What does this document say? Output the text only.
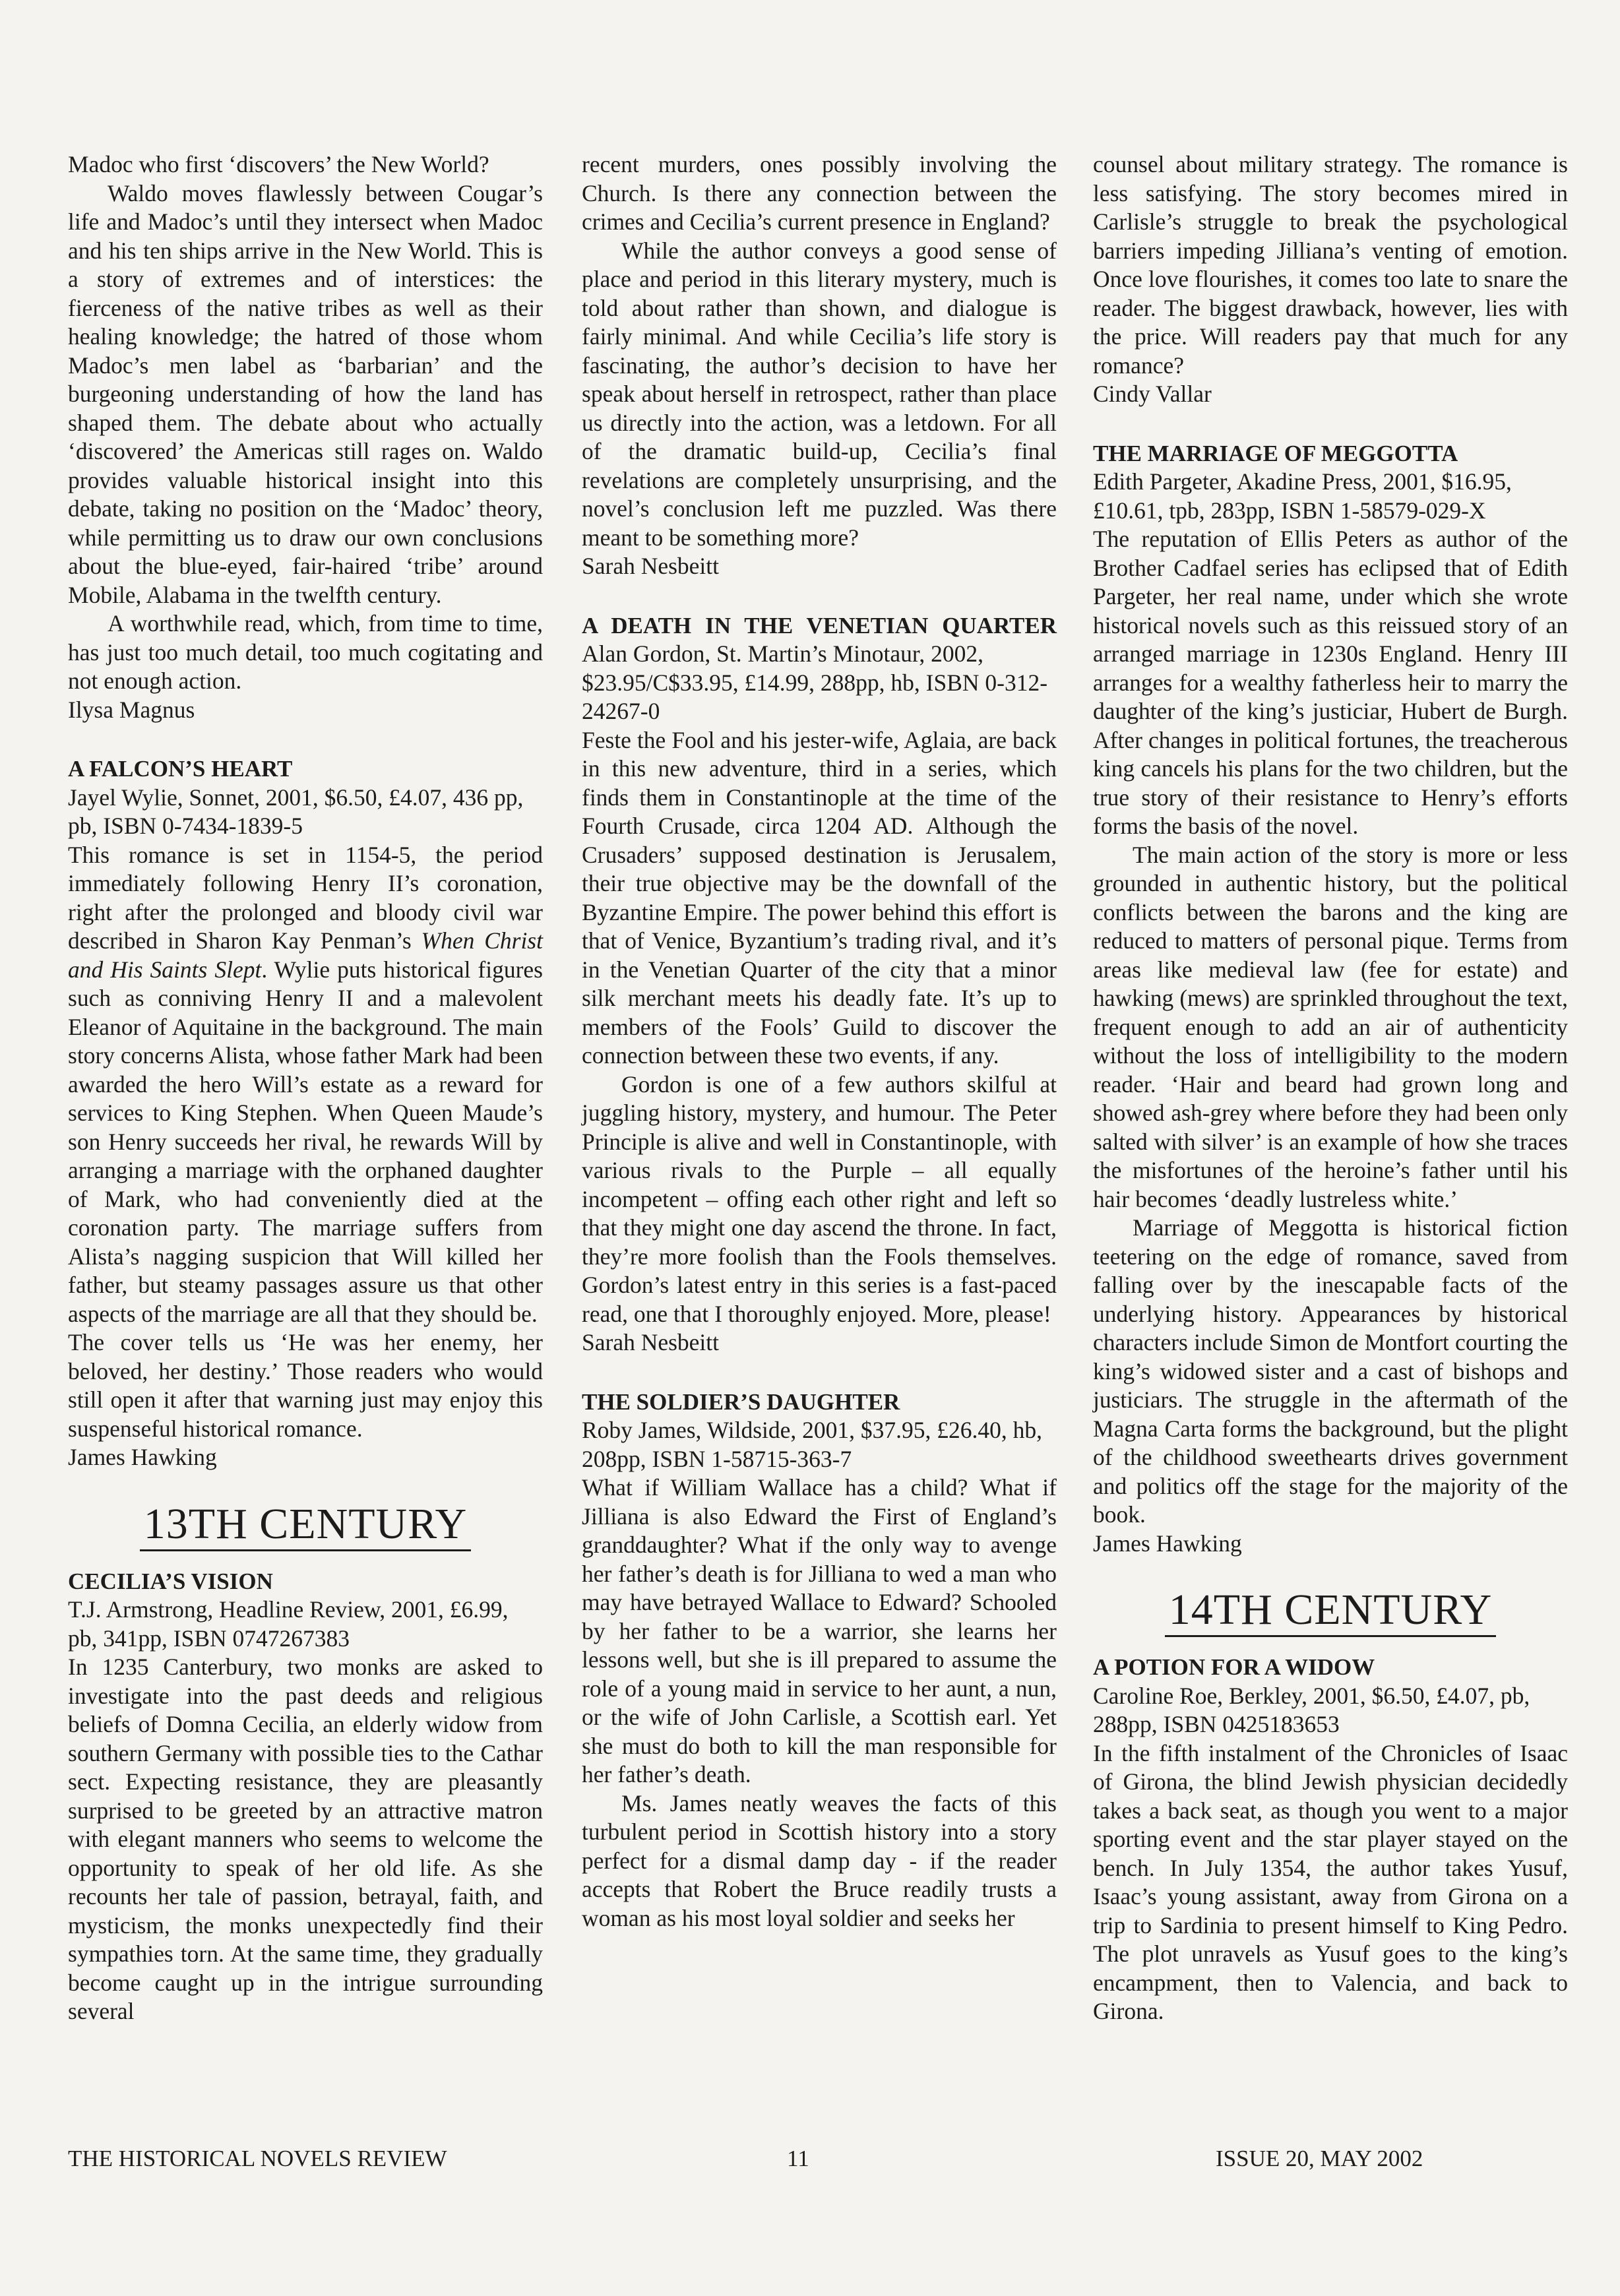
Madoc who first ‘discovers’ the New World?

Waldo moves flawlessly between Cougar’s life and Madoc’s until they intersect when Madoc and his ten ships arrive in the New World. This is a story of extremes and of interstices: the fierceness of the native tribes as well as their healing knowledge; the hatred of those whom Madoc’s men label as ‘barbarian’ and the burgeoning understanding of how the land has shaped them. The debate about who actually ‘discovered’ the Americas still rages on. Waldo provides valuable historical insight into this debate, taking no position on the ‘Madoc’ theory, while permitting us to draw our own conclusions about the blue-eyed, fair-haired ‘tribe’ around Mobile, Alabama in the twelfth century.

A worthwhile read, which, from time to time, has just too much detail, too much cogitating and not enough action.

Ilysa Magnus

A FALCON’S HEART

Jayel Wylie, Sonnet, 2001, $6.50, £4.07, 436 pp, pb, ISBN 0-7434-1839-5

This romance is set in 1154-5, the period immediately following Henry II’s coronation, right after the prolonged and bloody civil war described in Sharon Kay Penman’s When Christ and His Saints Slept. Wylie puts historical figures such as conniving Henry II and a malevolent Eleanor of Aquitaine in the background. The main story concerns Alista, whose father Mark had been awarded the hero Will’s estate as a reward for services to King Stephen. When Queen Maude’s son Henry succeeds her rival, he rewards Will by arranging a marriage with the orphaned daughter of Mark, who had conveniently died at the coronation party. The marriage suffers from Alista’s nagging suspicion that Will killed her father, but steamy passages assure us that other aspects of the marriage are all that they should be.

The cover tells us ‘He was her enemy, her beloved, her destiny.’ Those readers who would still open it after that warning just may enjoy this suspenseful historical romance.

James Hawking

13TH CENTURY
CECILIA’S VISION

T.J. Armstrong, Headline Review, 2001, £6.99, pb, 341pp, ISBN 0747267383

In 1235 Canterbury, two monks are asked to investigate into the past deeds and religious beliefs of Domna Cecilia, an elderly widow from southern Germany with possible ties to the Cathar sect. Expecting resistance, they are pleasantly surprised to be greeted by an attractive matron with elegant manners who seems to welcome the opportunity to speak of her old life. As she recounts her tale of passion, betrayal, faith, and mysticism, the monks unexpectedly find their sympathies torn. At the same time, they gradually become caught up in the intrigue surrounding several

recent murders, ones possibly involving the Church. Is there any connection between the crimes and Cecilia’s current presence in England?

While the author conveys a good sense of place and period in this literary mystery, much is told about rather than shown, and dialogue is fairly minimal. And while Cecilia’s life story is fascinating, the author’s decision to have her speak about herself in retrospect, rather than place us directly into the action, was a letdown. For all of the dramatic build-up, Cecilia’s final revelations are completely unsurprising, and the novel’s conclusion left me puzzled. Was there meant to be something more?

Sarah Nesbeitt

A DEATH IN THE VENETIAN QUARTER

Alan Gordon, St. Martin’s Minotaur, 2002, $23.95/C$33.95, £14.99, 288pp, hb, ISBN 0-312-24267-0

Feste the Fool and his jester-wife, Aglaia, are back in this new adventure, third in a series, which finds them in Constantinople at the time of the Fourth Crusade, circa 1204 AD. Although the Crusaders’ supposed destination is Jerusalem, their true objective may be the downfall of the Byzantine Empire. The power behind this effort is that of Venice, Byzantium’s trading rival, and it’s in the Venetian Quarter of the city that a minor silk merchant meets his deadly fate. It’s up to members of the Fools’ Guild to discover the connection between these two events, if any.

Gordon is one of a few authors skilful at juggling history, mystery, and humour. The Peter Principle is alive and well in Constantinople, with various rivals to the Purple – all equally incompetent – offing each other right and left so that they might one day ascend the throne. In fact, they’re more foolish than the Fools themselves. Gordon’s latest entry in this series is a fast-paced read, one that I thoroughly enjoyed. More, please!

Sarah Nesbeitt

THE SOLDIER’S DAUGHTER

Roby James, Wildside, 2001, $37.95, £26.40, hb, 208pp, ISBN 1-58715-363-7

What if William Wallace has a child? What if Jilliana is also Edward the First of England’s granddaughter? What if the only way to avenge her father’s death is for Jilliana to wed a man who may have betrayed Wallace to Edward? Schooled by her father to be a warrior, she learns her lessons well, but she is ill prepared to assume the role of a young maid in service to her aunt, a nun, or the wife of John Carlisle, a Scottish earl. Yet she must do both to kill the man responsible for her father’s death.

Ms. James neatly weaves the facts of this turbulent period in Scottish history into a story perfect for a dismal damp day - if the reader accepts that Robert the Bruce readily trusts a woman as his most loyal soldier and seeks her

counsel about military strategy. The romance is less satisfying. The story becomes mired in Carlisle’s struggle to break the psychological barriers impeding Jilliana’s venting of emotion. Once love flourishes, it comes too late to snare the reader. The biggest drawback, however, lies with the price. Will readers pay that much for any romance?

Cindy Vallar

THE MARRIAGE OF MEGGOTTA

Edith Pargeter, Akadine Press, 2001, $16.95, £10.61, tpb, 283pp, ISBN 1-58579-029-X

The reputation of Ellis Peters as author of the Brother Cadfael series has eclipsed that of Edith Pargeter, her real name, under which she wrote historical novels such as this reissued story of an arranged marriage in 1230s England. Henry III arranges for a wealthy fatherless heir to marry the daughter of the king’s justiciar, Hubert de Burgh. After changes in political fortunes, the treacherous king cancels his plans for the two children, but the true story of their resistance to Henry’s efforts forms the basis of the novel.

The main action of the story is more or less grounded in authentic history, but the political conflicts between the barons and the king are reduced to matters of personal pique. Terms from areas like medieval law (fee for estate) and hawking (mews) are sprinkled throughout the text, frequent enough to add an air of authenticity without the loss of intelligibility to the modern reader. ‘Hair and beard had grown long and showed ash-grey where before they had been only salted with silver’ is an example of how she traces the misfortunes of the heroine’s father until his hair becomes ‘deadly lustreless white.’

Marriage of Meggotta is historical fiction teetering on the edge of romance, saved from falling over by the inescapable facts of the underlying history. Appearances by historical characters include Simon de Montfort courting the king’s widowed sister and a cast of bishops and justiciars. The struggle in the aftermath of the Magna Carta forms the background, but the plight of the childhood sweethearts drives government and politics off the stage for the majority of the book.

James Hawking

14TH CENTURY
A POTION FOR A WIDOW

Caroline Roe, Berkley, 2001, $6.50, £4.07, pb, 288pp, ISBN 0425183653

In the fifth instalment of the Chronicles of Isaac of Girona, the blind Jewish physician decidedly takes a back seat, as though you went to a major sporting event and the star player stayed on the bench. In July 1354, the author takes Yusuf, Isaac’s young assistant, away from Girona on a trip to Sardinia to present himself to King Pedro. The plot unravels as Yusuf goes to the king’s encampment, then to Valencia, and back to Girona.

THE HISTORICAL NOVELS REVIEW	11	ISSUE 20, MAY 2002
